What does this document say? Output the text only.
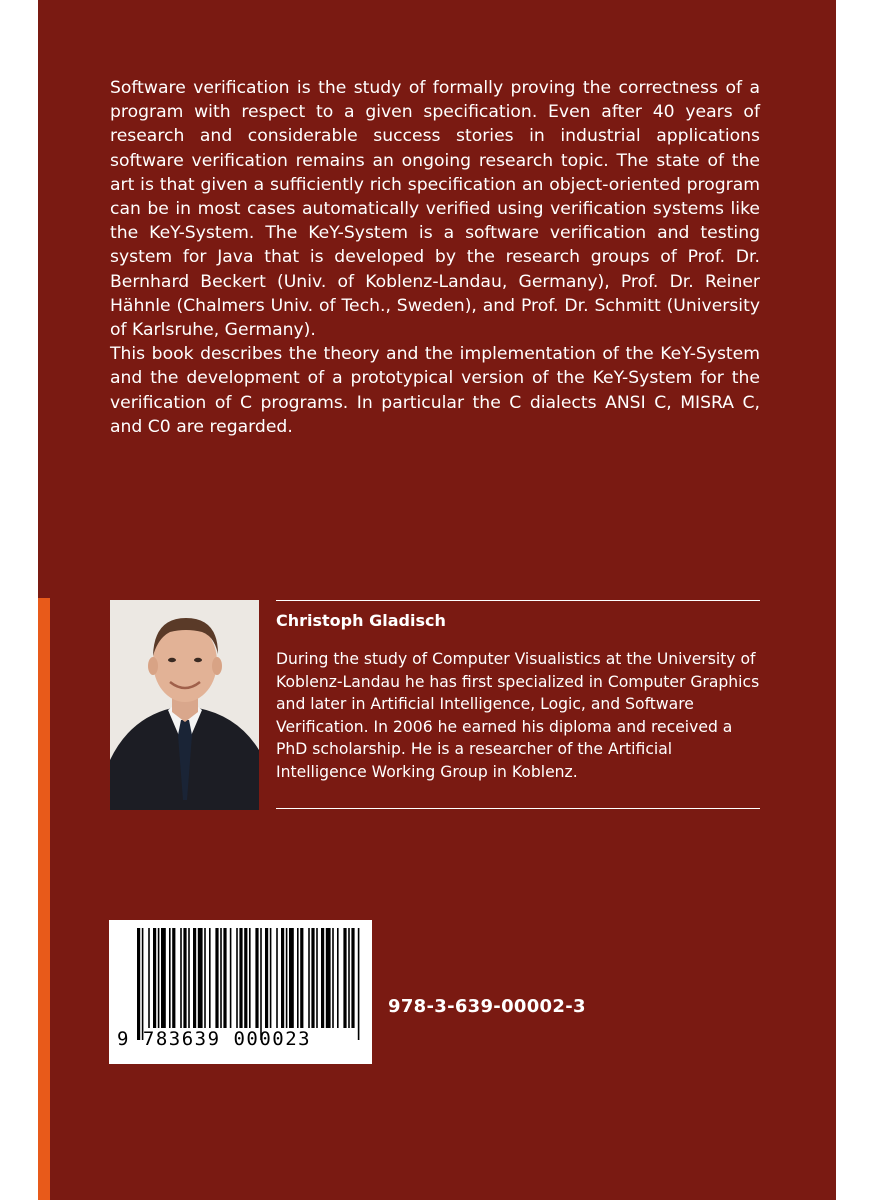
Software verification is the study of formally proving the correctness of a program with respect to a given specification. Even after 40 years of research and considerable success stories in industrial applications software verification remains an ongoing research topic. The state of the art is that given a sufficiently rich specification an object-oriented program can be in most cases automatically verified using verification systems like the KeY-System. The KeY-System is a software verification and testing system for Java that is developed by the research groups of Prof. Dr. Bernhard Beckert (Univ. of Koblenz-Landau, Germany), Prof. Dr. Reiner Hähnle (Chalmers Univ. of Tech., Sweden), and Prof. Dr. Schmitt (University of Karlsruhe, Germany).

This book describes the theory and the implementation of the KeY-System and the development of a prototypical version of the KeY-System for the verification of C programs. In particular the C dialects ANSI C, MISRA C, and C0 are regarded.

Christoph Gladisch

During the study of Computer Visualistics at the University of Koblenz-Landau he has first specialized in Computer Graphics and later in Artificial Intelligence, Logic, and Software Verification. In 2006 he earned his diploma and received a PhD scholarship. He is a researcher of the Artificial Intelligence Working Group in Koblenz.

9 783639 000023
978-3-639-00002-3
